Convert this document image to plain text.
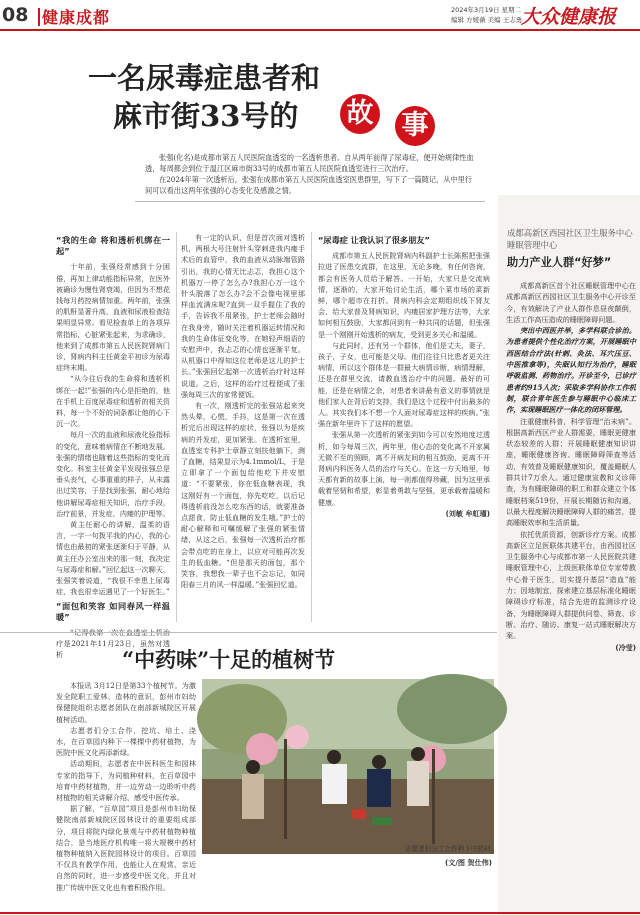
08 健康成都	2024年3月19日 星期二
编辑 方媛薇 美编 王志勇
大众健康报
一名尿毒症患者和
麻市街33号的 故 事

张强(化名)是成都市第五人民医院血透室的一名透析患者。自从两年前得了尿毒症，便开始规律性血透，每周都会到位于温江区麻市街33号的成都市第五人民医院血透室进行三次治疗。

在2024年第一次透析后，张强在成都市第五人民医院血透室医患群里，写下了一篇随记，从中里行间可以看出这两年张强的心态变化及感激之情。

“我的生命 将和透析机绑在一起”

十年前，张强经常感到十分困倦，再加上律动能指标异常，在医外被确诊为慢性肾衰竭，但因为不想花钱每月药控病情加重。两年前，张强的肌酐显著升高，血液和尿液检查结果明显异常。看见检查单上的各项异常指标，心脏紧张起来，为求确诊，他来到了成都市第五人民医院肾病门诊，肾病内科主任黄金平初诊为尿毒症终末期。

“从今往后我的生命将和透析机绑在一起!”张强的内心是拒绝的，他在手机上百度尿毒症和透析的相关资料，每一个不好的词条都让他的心下沉一次。

每月一次的血液和尿液化验指标的变化，意味着病情在不断地发展。张强的情绪也随着这些指标的变化而变化。科室主任黄金平发现张强总是垂头丧气，心事重重的样子，从未露出过笑容，于是找到张强，耐心地给他讲解尿毒症相关知识，治疗手段，治疗前景，并发症，内瘘的护理等。

黄主任耐心的讲解，温柔的语言，一字一句拨平我的内心，我的心情也由最初的紧张逐渐归于平静，从黄主任办公室出来的那一刻，我决定与尿毒症和解。”回忆起这一次聊天，张强笑着说道，“我很不幸患上尿毒症，我也很幸运遇见了一个好医生。”

“面包和笑容 如同春风一样温暖”

疗是2021年11月23日，虽然对透析

有一定的认识，但是首次面对透析机，两根大号注射针头穿刺进我内瘘手术后的血管中，我的血液从动脉端管路引出，我的心情无比忐忑，我担心这个机器万一停了怎么办?我担心万一这个针头脱落了怎么办?会不会像电视里那样血流满床呢?直到一双手握住了我的手，告诉我不用紧张，护士老师会随时在我身旁，随时关注着机器运转情况和我的生命体征变化等，在她轻声细语的安慰声中，我忐忑的心情也逐渐平复。从机器口中得知这位老师是这儿的护士长。”张强回忆起第一次透析治疗时这样说道。之后，这样的治疗过程便成了张强每周三次的家常便饭。

有一次，刚透析完的张强站起来突然头晕，心慌，手抖，这是第一次在透析完后出现这样的症状，张强以为是疾病的并发症，更加紧张。在透析室里，血透室专科护士章静立刻扶他躺下，测了血糖，结果显示为4.1mmol/L，于是立即拿了一个面包给他吃下并安慰道：“不要紧张，你在低血糖表现，我这刚好有一个面包，你先吃吃，以后记得透析前没怎么吃东西的话，就要准备点甜食，防止低血糖的发生哦。”护士的耐心解释和可嘱缓解了张强的紧张情绪，从这之后，张强每一次透析治疗都会带点吃的在身上，以应对可能再次发生的低血糖。“但是那天的面包，那个笑容，我想我一辈子也不会忘记，如同阳春三月的风一样温暖。”张强回忆道。

“尿毒症 让我认识了很多朋友”

成都市第五人民医院肾病内科副护士长陈熙把张强拉进了医患交流群，在这里，无论多晚，有任何咨询，都会有医务人员给予解答。一开始，大家只是交流病情，逐渐的，大家开始讨论生活，哪个菜市场的菜新鲜，哪个超市在打折。肾病内科会定期组织线下肾友会，给大家普及肾病知识，内瘘居家护理方法等，大家如何相互鼓励，大家都问到有一种共同的话题，但张强是一个刚刚开始透析的病友，受到更多关心和温暖。

与此同时，还有另一个群体，他们是丈夫，妻子，孩子，子女，也可能是父母。他们往往只比患者更关注病情，所以这个群体是一群最大病情诊断，病情理解，还是在群里交流，请教血透治疗中的问题。最好的可能，还是在病情之余，对患者来讲最有意义的事情就是他们家人在背后的支持，我们是这个过程中付出最多的人。其实我们本不想一个人面对尿毒症这样的疾病。”张强在新年里许下了这样的愿望。

张强从第一次透析的紧张到如今可以安然地度过透析，如今每周三次，两年里，他心态的变化离不开家属无微不至的照顾，离不开病友间的相互鼓励，更离不开肾病内科医务人员的治疗与关心。在这一方天地里，每天都有新的故事上演，每一则都值得珍藏，因为这里承载着坚韧和希望，彰显着勇敢与坚强，更承载着温暖和健康。

(刘敏 牟虹瑾)
成都高新区西园社区卫生服务中心睡眠管理中心
助力产业人群“好梦”

成都高新区首个社区睡眠管理中心在成都高新区西园社区卫生服务中心开诊至今，有效解决了产业人群作息昼夜颠倒，生活工作高压造成的睡眠障碍问题。

突出中西医并举，多学科联合诊治。为患者提供个性化治疗方案，开展睡眠中西医结合疗法(针刺、灸法、耳穴压豆、中医推拿等)，失眠认知行为治疗，睡眠呼吸监测、药物治疗。开诊至今，已诊疗患者约915人次；采取多学科协作工作机制，联合青年医生参与睡眠中心临床工作，实现睡眠医疗一体化的闭环管理。

注重健康科普，科学管理“治未病”。根据高新西区产业人群需要，睡眠更健康状态较差的人群；开展睡眠健康知识讲座，睡眠健康咨询、睡眠障碍筛查等活动，有效普及睡眠健康知识，覆盖睡眠人群共计7万余人。通过健康宣教和义诊筛查，为有睡眠障碍的职工和群众建立个体睡眠档案519份，开展长期随访和沟通，以最大程度解决睡眠障碍人群的痛苦，提高睡眠效率和生活质量。

依托优质资源，创新诊疗方案。成都高新区立足医联体共建平台，由西园社区卫生服务中心与成都市第一人民医院共建睡眠管理中心，上级医联体单位专家带教中心骨干医生，切实提升基层“造血”能力；因地制宜，探索建立基层标准化睡眠障碍诊疗标准，结合先进的监测诊疗设备，为睡眠障碍人群提供问卷、筛查、诊断、治疗、随访、康复一站式睡眠解决方案。

(冷莹)
“中药味”十足的植树节

本报讯 3月12日是第33个植树节。为激发全院职工爱林、造林的意识，彭州市妇幼保健院组织志愿者团队在南部新城院区开展植树活动。

志愿者们分工合作，挖坑、培土、浇水，在百草园内种下一棵棵中药材植物，为医院中医文化再添新绿。

活动期间，志愿者在中医科医生和园林专家的指导下，为同植种材料，在百草园中培育中药材植物，并一边劳动一边聆听中药材植物的相关讲解介绍，感受中医传承。

据了解，“百草园”项目是彭州市妇幼保健院南部新城院区园林设计的重要组成部分，项目将院内绿化景观与中药材植物种植结合，是当地医疗机构唯一将大规模中药材植物种植纳入医院园林设计的项目。百草园不仅具有教学作用，也能让人在观赏、亲近自然的同时，进一步感受中医文化，并且对推广传统中医文化也有着积极作用。

志愿者们分工合作种下中药材。
(文/图 贺仕伟)
